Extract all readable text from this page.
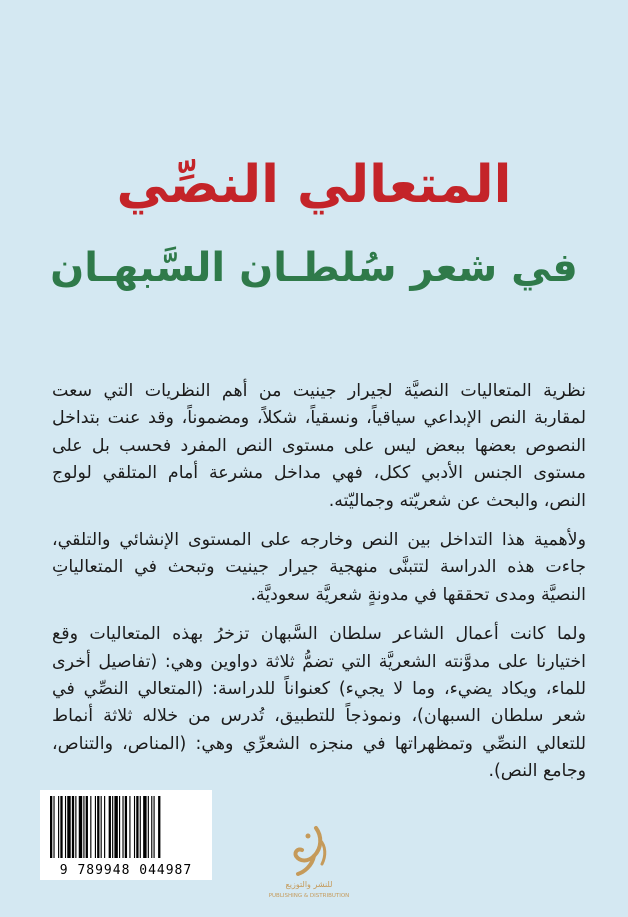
المتعالي النصِّي
في شعر سُلطـان السَّبهـان

نظرية المتعاليات النصيَّة لجيرار جينيت من أهم النظريات التي سعت لمقاربة النص الإبداعي سياقياً، ونسقياً، شكلاً، ومضموناً، وقد عنت بتداخل النصوص بعضها ببعض ليس على مستوى النص المفرد فحسب بل على مستوى الجنس الأدبي ككل، فهي مداخل مشرعة أمام المتلقي لولوج النص، والبحث عن شعريّته وجماليّته.

ولأهمية هذا التداخل بين النص وخارجه على المستوى الإنشائي والتلقي، جاءت هذه الدراسة لتتبنَّى منهجية جيرار جينيت وتبحث في المتعالياتِ النصيَّة ومدى تحققها في مدونةٍ شعريَّة سعوديَّة.

ولما كانت أعمال الشاعر سلطان السَّبهان تزخرُ بهذه المتعاليات وقع اختيارنا على مدوَّنته الشعريَّة التي تضمُّ ثلاثة دواوين وهي: (تفاصيل أخرى للماء، ويكاد يضيء، وما لا يجيء) كعنواناً للدراسة: (المتعالي النصِّي في شعر سلطان السبهان)، ونموذجاً للتطبيق، تُدرس من خلاله ثلاثة أنماط للتعالي النصِّي وتمظهراتها في منجزه الشعرِّي وهي: (المناص، والتناص، وجامع النص).

9 789948 044987
للنشر والتوزيع
PUBLISHING & DISTRIBUTION
